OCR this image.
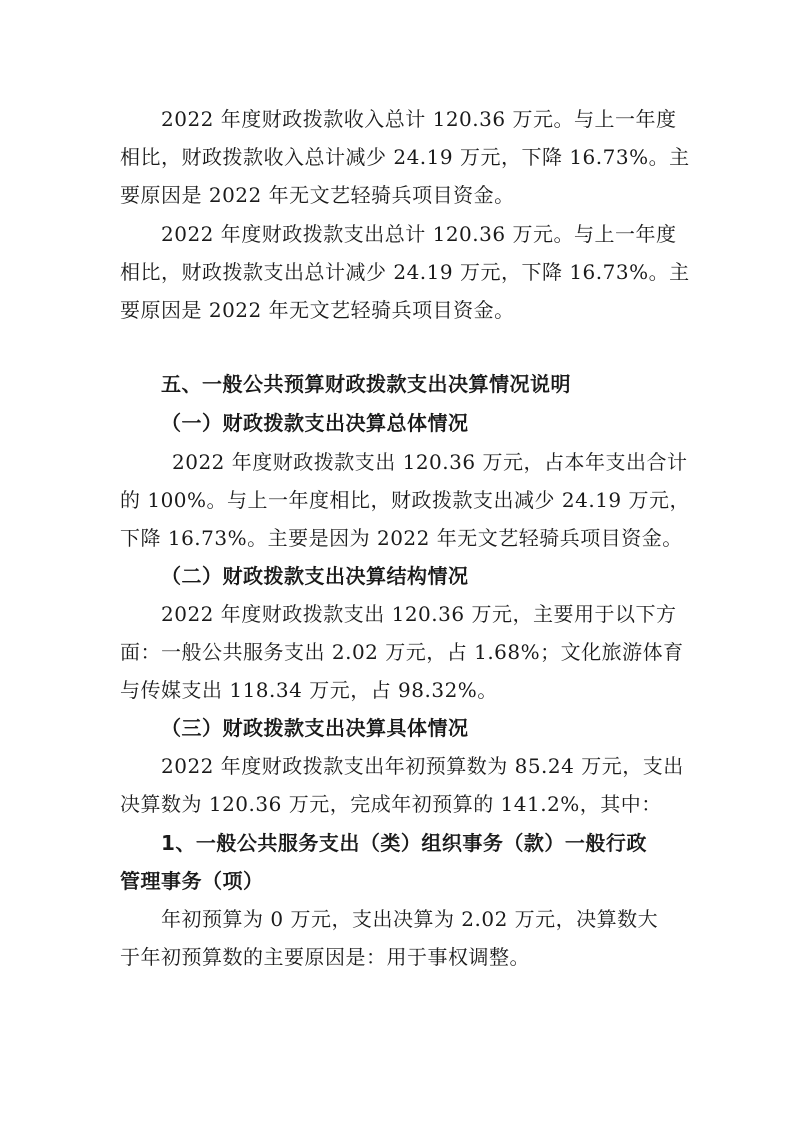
2022 年度财政拨款收入总计 120.36 万元。与上一年度
相比，财政拨款收入总计减少 24.19 万元，下降 16.73%。主
要原因是 2022 年无文艺轻骑兵项目资金。
2022 年度财政拨款支出总计 120.36 万元。与上一年度
相比，财政拨款支出总计减少 24.19 万元，下降 16.73%。主
要原因是 2022 年无文艺轻骑兵项目资金。
五、一般公共预算财政拨款支出决算情况说明
（一）财政拨款支出决算总体情况
2022 年度财政拨款支出 120.36 万元，占本年支出合计
的 100%。与上一年度相比，财政拨款支出减少 24.19 万元，
下降 16.73%。主要是因为 2022 年无文艺轻骑兵项目资金。
（二）财政拨款支出决算结构情况
2022 年度财政拨款支出 120.36 万元，主要用于以下方
面：一般公共服务支出 2.02 万元，占 1.68%；文化旅游体育
与传媒支出 118.34 万元，占 98.32%。
（三）财政拨款支出决算具体情况
2022 年度财政拨款支出年初预算数为 85.24 万元，支出
决算数为 120.36 万元，完成年初预算的 141.2%，其中：
1、一般公共服务支出（类）组织事务（款）一般行政
管理事务（项）
年初预算为 0 万元，支出决算为 2.02 万元，决算数大
于年初预算数的主要原因是：用于事权调整。
